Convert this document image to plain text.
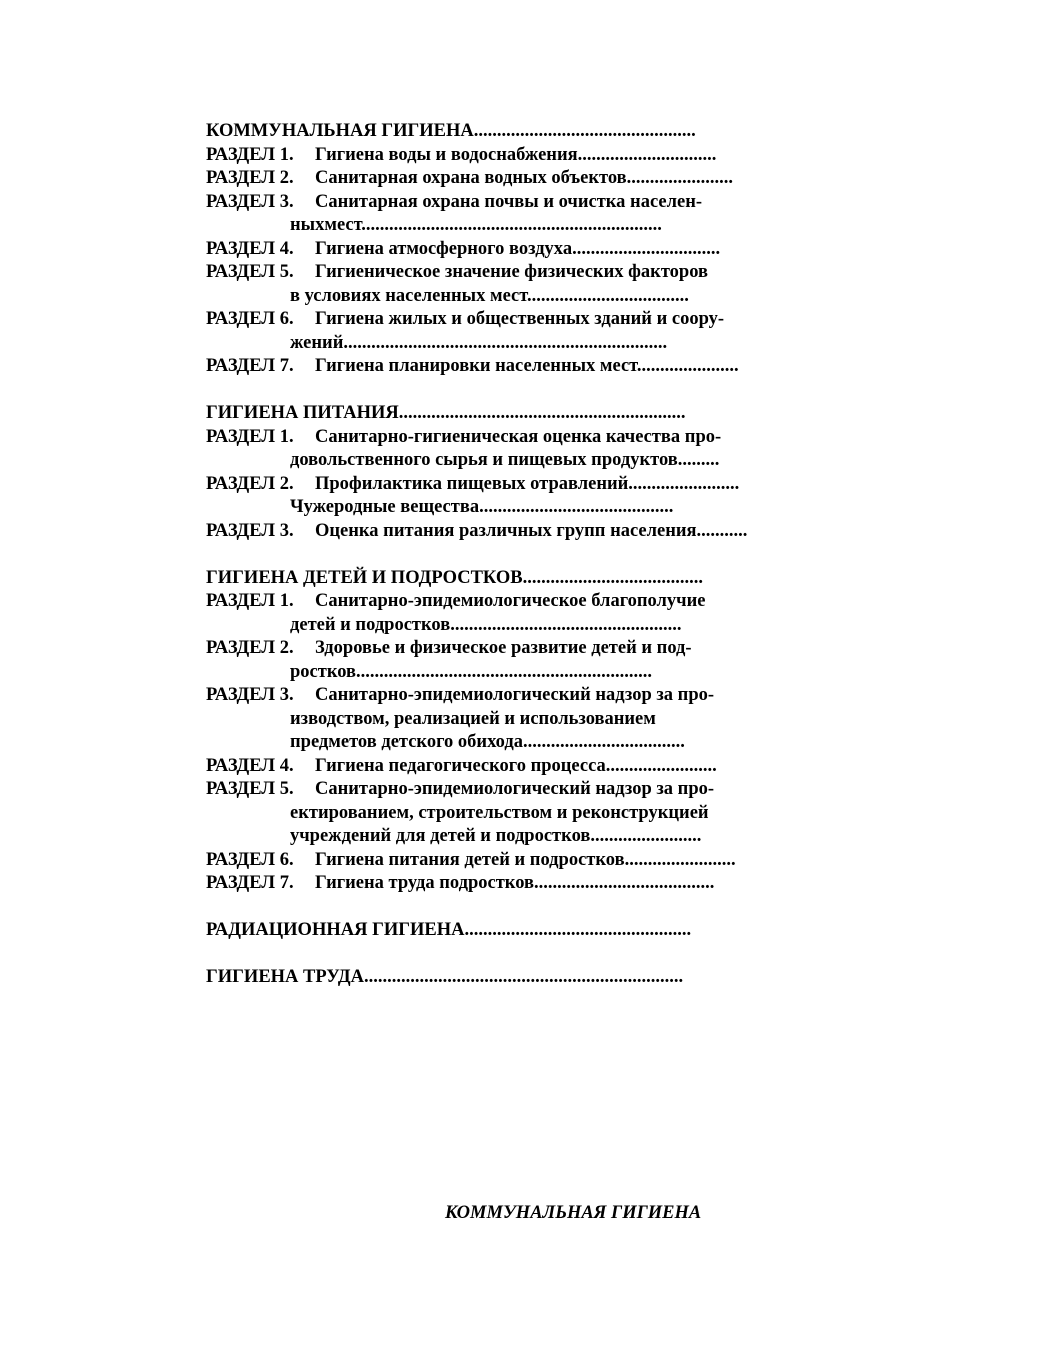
КОММУНАЛЬНАЯ ГИГИЕНА................................................
РАЗДЕЛ 1. Гигиена воды и водоснабжения..............................
РАЗДЕЛ 2. Санитарная охрана водных объектов.......................
РАЗДЕЛ 3. Санитарная охрана почвы и очистка населен-
ныхмест.................................................................
РАЗДЕЛ 4. Гигиена атмосферного воздуха................................
РАЗДЕЛ 5. Гигиеническое значение физических факторов
в условиях населенных мест...................................
РАЗДЕЛ 6. Гигиена жилых и общественных зданий и соору-
жений......................................................................
РАЗДЕЛ 7. Гигиена планировки населенных мест......................
ГИГИЕНА ПИТАНИЯ..............................................................
РАЗДЕЛ 1. Санитарно-гигиеническая оценка качества про-
довольственного сырья и пищевых продуктов.........
РАЗДЕЛ 2. Профилактика пищевых отравлений........................
Чужеродные вещества..........................................
РАЗДЕЛ 3. Оценка питания различных групп населения...........
ГИГИЕНА ДЕТЕЙ И ПОДРОСТКОВ.......................................
РАЗДЕЛ 1. Санитарно-эпидемиологическое благополучие
детей и подростков..................................................
РАЗДЕЛ 2. Здоровье и физическое развитие детей и под-
ростков................................................................
РАЗДЕЛ 3. Санитарно-эпидемиологический надзор за про-
изводством, реализацией и использованием
предметов детского обихода...................................
РАЗДЕЛ 4. Гигиена педагогического процесса........................
РАЗДЕЛ 5. Санитарно-эпидемиологический надзор за про-
ектированием, строительством и реконструкцией
учреждений для детей и подростков........................
РАЗДЕЛ 6. Гигиена питания детей и подростков........................
РАЗДЕЛ 7. Гигиена труда подростков.......................................
РАДИАЦИОННАЯ ГИГИЕНА.................................................
ГИГИЕНА ТРУДА.....................................................................
КОММУНАЛЬНАЯ ГИГИЕНА
